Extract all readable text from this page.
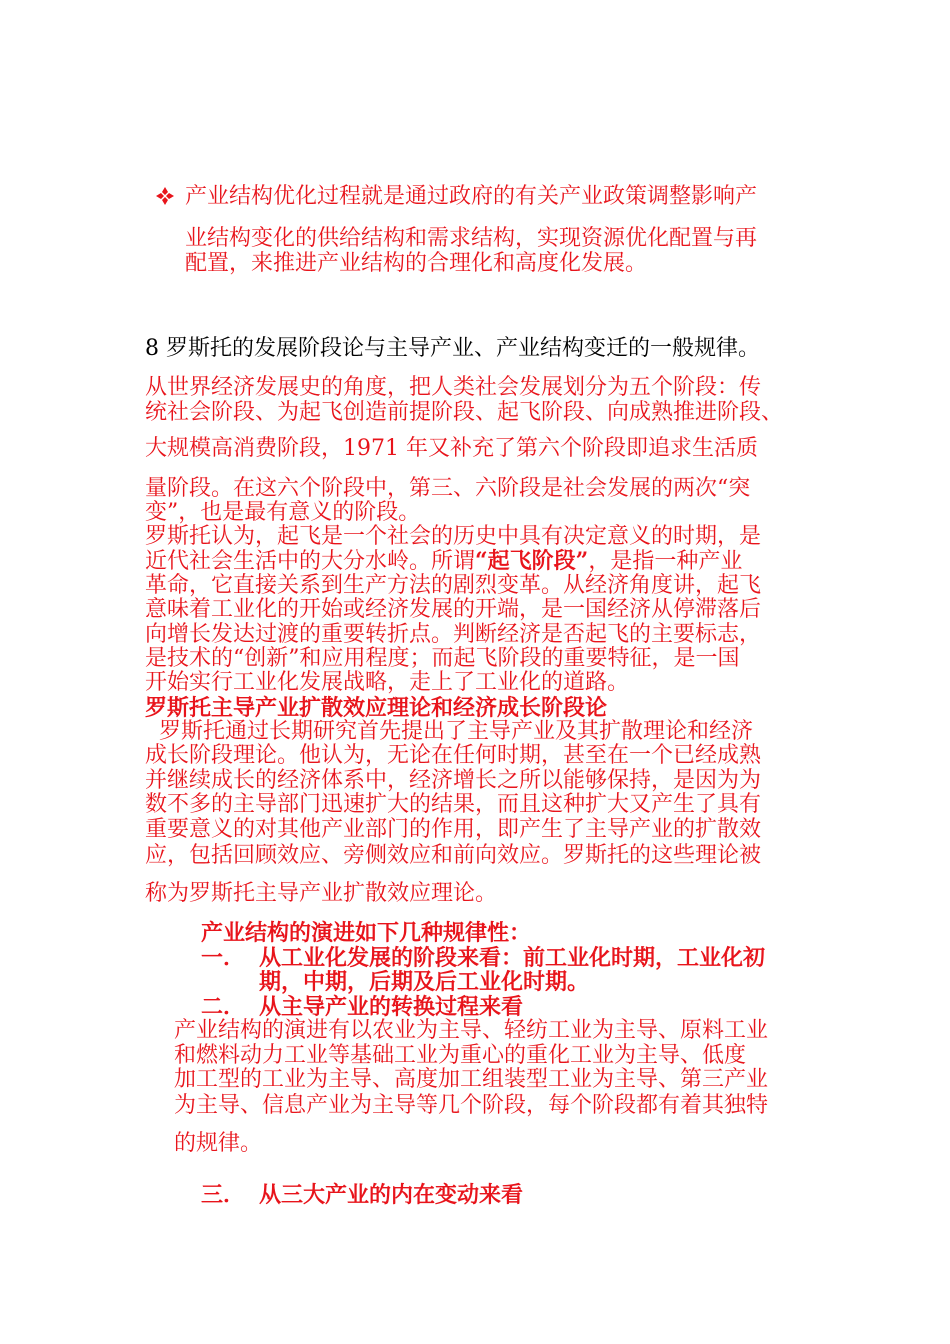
产业结构优化过程就是通过政府的有关产业政策调整影响产
业结构变化的供给结构和需求结构，实现资源优化配置与再
配置，来推进产业结构的合理化和高度化发展。
8 罗斯托的发展阶段论与主导产业、产业结构变迁的一般规律。
从世界经济发展史的角度，把人类社会发展划分为五个阶段：传
统社会阶段、为起飞创造前提阶段、起飞阶段、向成熟推进阶段、
大规模高消费阶段，1971 年又补充了第六个阶段即追求生活质
量阶段。在这六个阶段中，第三、六阶段是社会发展的两次“突
变”，也是最有意义的阶段。
罗斯托认为，起飞是一个社会的历史中具有决定意义的时期，是
近代社会生活中的大分水岭。所谓“起飞阶段”，是指一种产业
革命，它直接关系到生产方法的剧烈变革。从经济角度讲，起飞
意味着工业化的开始或经济发展的开端，是一国经济从停滞落后
向增长发达过渡的重要转折点。判断经济是否起飞的主要标志，
是技术的“创新”和应用程度；而起飞阶段的重要特征，是一国
开始实行工业化发展战略，走上了工业化的道路。
罗斯托主导产业扩散效应理论和经济成长阶段论
罗斯托通过长期研究首先提出了主导产业及其扩散理论和经济
成长阶段理论。他认为，无论在任何时期，甚至在一个已经成熟
并继续成长的经济体系中，经济增长之所以能够保持，是因为为
数不多的主导部门迅速扩大的结果，而且这种扩大又产生了具有
重要意义的对其他产业部门的作用，即产生了主导产业的扩散效
应，包括回顾效应、旁侧效应和前向效应。罗斯托的这些理论被
称为罗斯托主导产业扩散效应理论。
产业结构的演进如下几种规律性：
一． 从工业化发展的阶段来看：前工业化时期，工业化初
期，中期，后期及后工业化时期。
二． 从主导产业的转换过程来看
产业结构的演进有以农业为主导、轻纺工业为主导、原料工业
和燃料动力工业等基础工业为重心的重化工业为主导、低度
加工型的工业为主导、高度加工组装型工业为主导、第三产业
为主导、信息产业为主导等几个阶段，每个阶段都有着其独特
的规律。
三． 从三大产业的内在变动来看
